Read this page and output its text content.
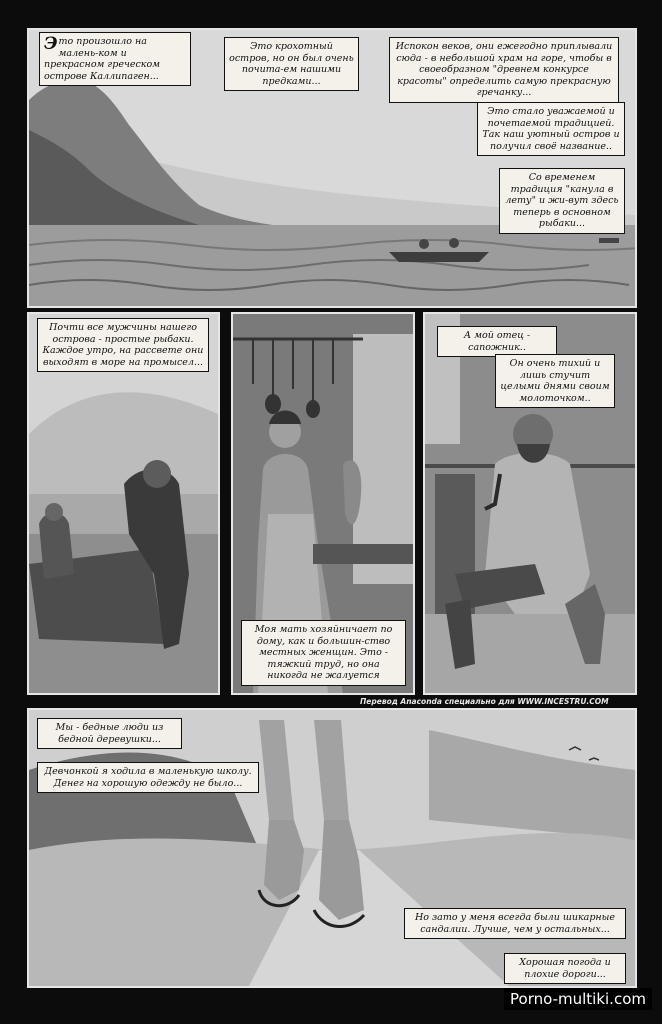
Это произошло на малень-ком и прекрасном греческом острове Каллипаген...
Это крохотный остров, но он был очень почита-ем нашими предками...
Испокон веков, они ежегодно приплывали сюда - в небольшой храм на горе, чтобы в своеобразном "древнем конкурсе красоты" определить самую прекрасную гречанку...
Это стало уважаемой и почетаемой традицией. Так наш уютный остров и получил своё название..
Со временем традиция "канула в лету" и жи-вут здесь теперь в основном рыбаки...
Почти все мужчины нашего острова - простые рыбаки. Каждое утро, на рассвете они выходят в море на промысел...
Моя мать хозяйничает по дому, как и большин-ство местных женщин. Это - тяжкий труд, но она никогда не жалуется
А мой отец - сапожник..
Он очень тихий и лишь стучит целыми днями своим молоточком..
Перевод Anaconda специально для WWW.INCESTRU.COM
Мы - бедные люди из бедной деревушки...
Девчонкой я ходила в маленькую школу. Денег на хорошую одежду не было...
Но зато у меня всегда были шикарные сандалии. Лучше, чем у остальных...
Хорошая погода и плохие дороги...
Porno-multiki.com
